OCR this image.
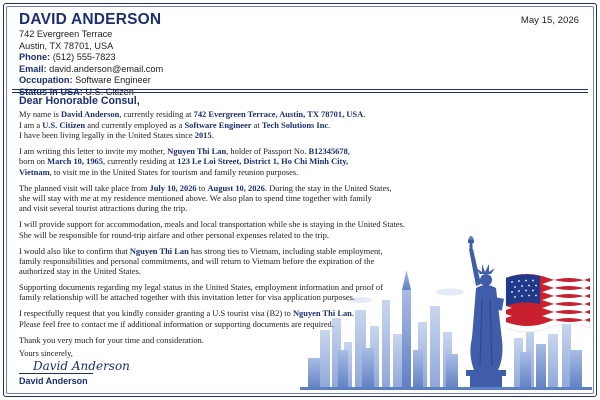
DAVID ANDERSON
742 Evergreen Terrace
Austin, TX 78701, USA
Phone: (512) 555-7823
Email: david.anderson@email.com
Occupation: Software Engineer
Status in USA: U.S. Citizen
May 15, 2026
Dear Honorable Consul,
My name is David Anderson, currently residing at 742 Evergreen Terrace, Austin, TX 78701, USA.
I am a U.S. Citizen and currently employed as a Software Engineer at Tech Solutions Inc.
I have been living legally in the United States since 2015.
I am writing this letter to invite my mother, Nguyen Thi Lan, holder of Passport No. B12345678,
born on March 10, 1965, currently residing at 123 Le Loi Street, District 1, Ho Chi Minh City,
Vietnam, to visit me in the United States for tourism and family reunion purposes.
The planned visit will take place from July 10, 2026 to August 10, 2026. During the stay in the United States,
she will stay with me at my residence mentioned above. We also plan to spend time together with family
and visit several tourist attractions during the trip.
I will provide support for accommodation, meals and local transportation while she is staying in the United States.
She will be responsible for round-trip airfare and other personal expenses related to the trip.
I would also like to confirm that Nguyen Thi Lan has strong ties to Vietnam, including stable employment,
family responsibilities and personal commitments, and will return to Vietnam before the expiration of the
authorized stay in the United States.
Supporting documents regarding my legal status in the United States, employment information and proof of
family relationship will be attached together with this invitation letter for visa application purposes.
I respectfully request that you kindly consider granting a U.S tourist visa (B2) to Nguyen Thi Lan.
Please feel free to contact me if additional information or supporting documents are required.
Thank you very much for your time and consideration.
Yours sincerely,
David Anderson
David Anderson
